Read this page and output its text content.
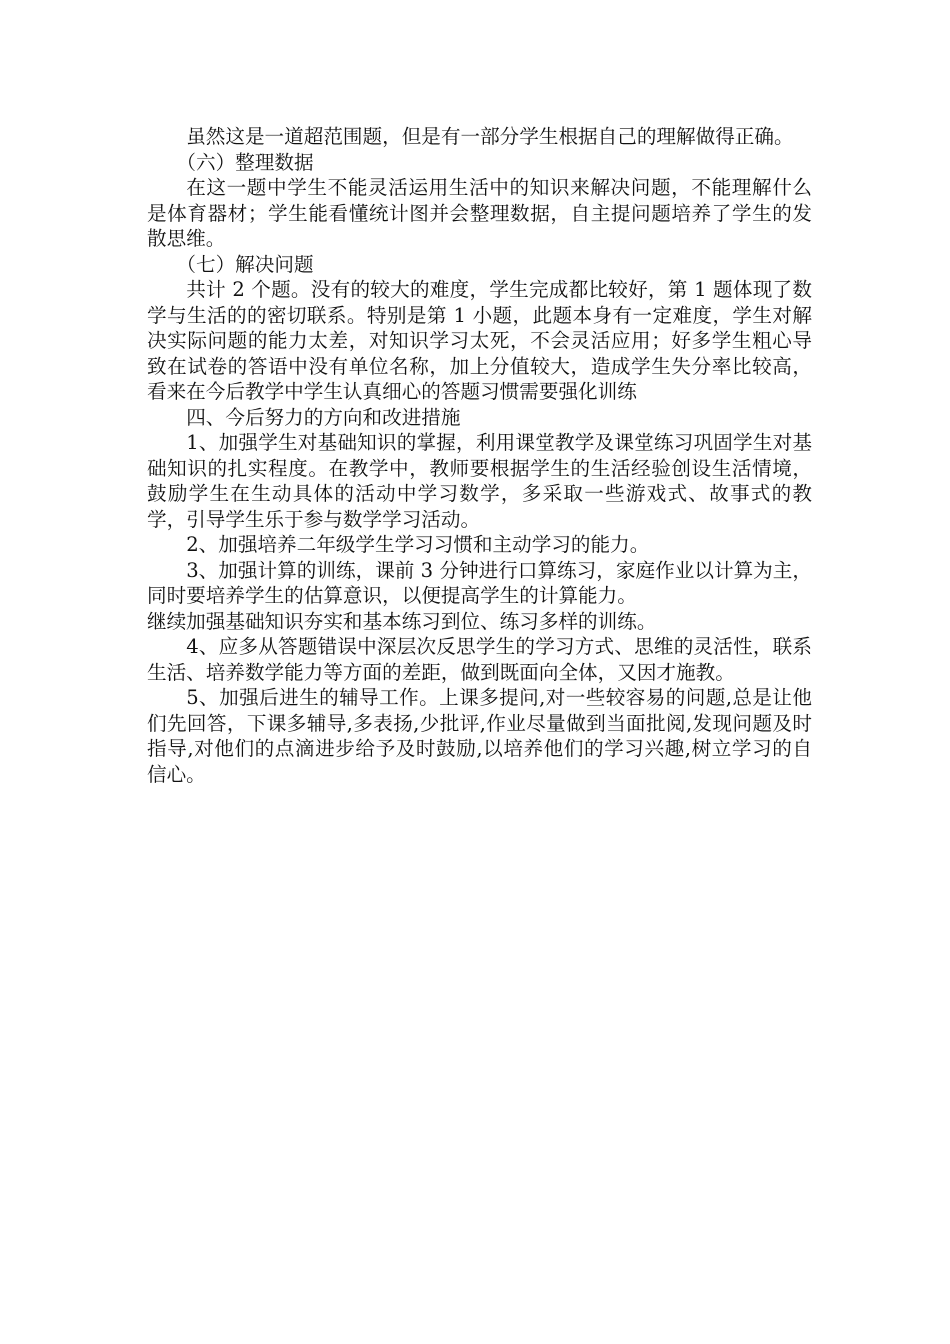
虽然这是一道超范围题，但是有一部分学生根据自己的理解做得正确。

（六）整理数据

在这一题中学生不能灵活运用生活中的知识来解决问题，不能理解什么是体育器材；学生能看懂统计图并会整理数据，自主提问题培养了学生的发散思维。

（七）解决问题

共计 2 个题。没有的较大的难度，学生完成都比较好，第 1 题体现了数学与生活的的密切联系。特别是第 1 小题，此题本身有一定难度，学生对解决实际问题的能力太差，对知识学习太死，不会灵活应用；好多学生粗心导致在试卷的答语中没有单位名称，加上分值较大，造成学生失分率比较高，看来在今后教学中学生认真细心的答题习惯需要强化训练

四、今后努力的方向和改进措施

1、加强学生对基础知识的掌握，利用课堂教学及课堂练习巩固学生对基础知识的扎实程度。在教学中，教师要根据学生的生活经验创设生活情境，鼓励学生在生动具体的活动中学习数学，多采取一些游戏式、故事式的教学，引导学生乐于参与数学学习活动。

2、加强培养二年级学生学习习惯和主动学习的能力。

3、加强计算的训练，课前 3 分钟进行口算练习，家庭作业以计算为主，同时要培养学生的估算意识，以便提高学生的计算能力。

继续加强基础知识夯实和基本练习到位、练习多样的训练。

4、应多从答题错误中深层次反思学生的学习方式、思维的灵活性，联系生活、培养数学能力等方面的差距，做到既面向全体，又因才施教。

5、加强后进生的辅导工作。上课多提问,对一些较容易的问题,总是让他们先回答，下课多辅导,多表扬,少批评,作业尽量做到当面批阅,发现问题及时指导,对他们的点滴进步给予及时鼓励,以培养他们的学习兴趣,树立学习的自信心。
